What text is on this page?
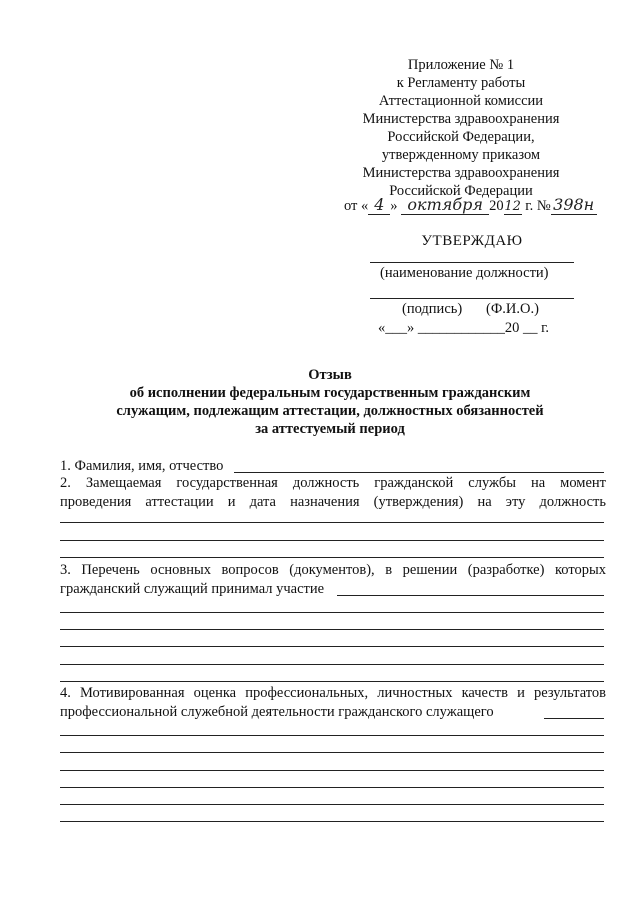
Приложение № 1
к Регламенту работы
Аттестационной комиссии
Министерства здравоохранения
Российской Федерации,
утвержденному приказом
Министерства здравоохранения
Российской Федерации
от « 4 » октября 2012 г. № 398н
УТВЕРЖДАЮ
(наименование должности)
(подпись) (Ф.И.О.)
«___» ____________20 __ г.
Отзыв
об исполнении федеральным государственным гражданским
служащим, подлежащим аттестации, должностных обязанностей
за аттестуемый период
1. Фамилия, имя, отчество
2. Замещаемая государственная должность гражданской службы на момент
проведения аттестации и дата назначения (утверждения) на эту должность
3. Перечень основных вопросов (документов), в решении (разработке) которых
гражданский служащий принимал участие
4. Мотивированная оценка профессиональных, личностных качеств и результатов
профессиональной служебной деятельности гражданского служащего
